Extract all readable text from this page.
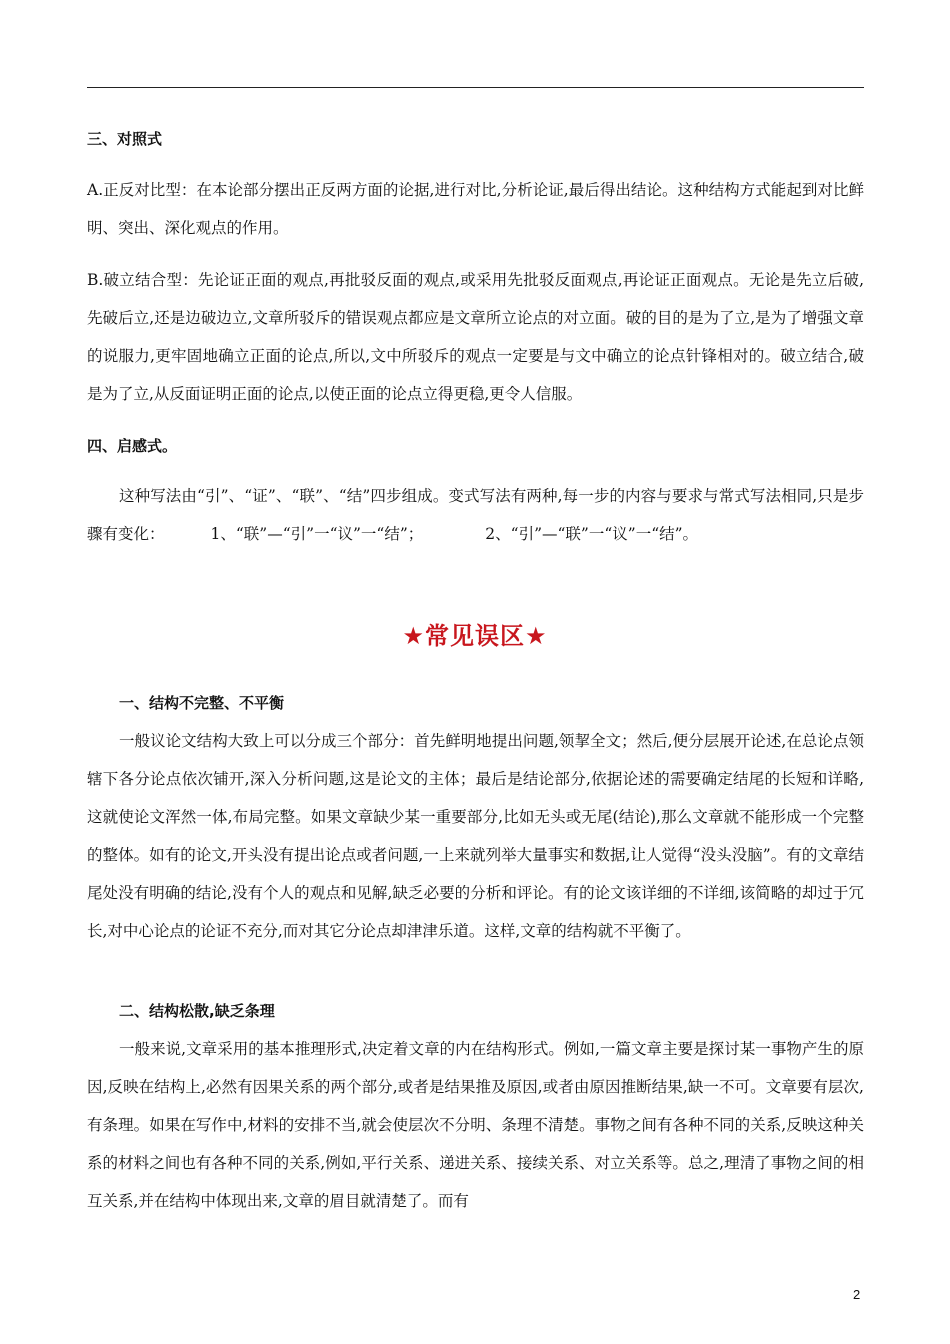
三、对照式
A.正反对比型：在本论部分摆出正反两方面的论据,进行对比,分析论证,最后得出结论。这种结构方式能起到对比鲜明、突出、深化观点的作用。
B.破立结合型：先论证正面的观点,再批驳反面的观点,或采用先批驳反面观点,再论证正面观点。无论是先立后破,先破后立,还是边破边立,文章所驳斥的错误观点都应是文章所立论点的对立面。破的目的是为了立,是为了增强文章的说服力,更牢固地确立正面的论点,所以,文中所驳斥的观点一定要是与文中确立的论点针锋相对的。破立结合,破是为了立,从反面证明正面的论点,以使正面的论点立得更稳,更令人信服。
四、启感式。
这种写法由“引”、“证”、“联”、“结”四步组成。变式写法有两种,每一步的内容与要求与常式写法相同,只是步骤有变化：	1、“联”—“引”一“议”一“结”；	2、“引”—“联”一“议”一“结”。
★常见误区★
一、结构不完整、不平衡
一般议论文结构大致上可以分成三个部分：首先鲜明地提出问题,领挈全文；然后,便分层展开论述,在总论点领辖下各分论点依次铺开,深入分析问题,这是论文的主体；最后是结论部分,依据论述的需要确定结尾的长短和详略,这就使论文浑然一体,布局完整。如果文章缺少某一重要部分,比如无头或无尾(结论),那么文章就不能形成一个完整的整体。如有的论文,开头没有提出论点或者问题,一上来就列举大量事实和数据,让人觉得“没头没脑”。有的文章结尾处没有明确的结论,没有个人的观点和见解,缺乏必要的分析和评论。有的论文该详细的不详细,该简略的却过于冗长,对中心论点的论证不充分,而对其它分论点却津津乐道。这样,文章的结构就不平衡了。
二、结构松散,缺乏条理
一般来说,文章采用的基本推理形式,决定着文章的内在结构形式。例如,一篇文章主要是探讨某一事物产生的原因,反映在结构上,必然有因果关系的两个部分,或者是结果推及原因,或者由原因推断结果,缺一不可。文章要有层次,有条理。如果在写作中,材料的安排不当,就会使层次不分明、条理不清楚。事物之间有各种不同的关系,反映这种关系的材料之间也有各种不同的关系,例如,平行关系、递进关系、接续关系、对立关系等。总之,理清了事物之间的相互关系,并在结构中体现出来,文章的眉目就清楚了。而有
2
